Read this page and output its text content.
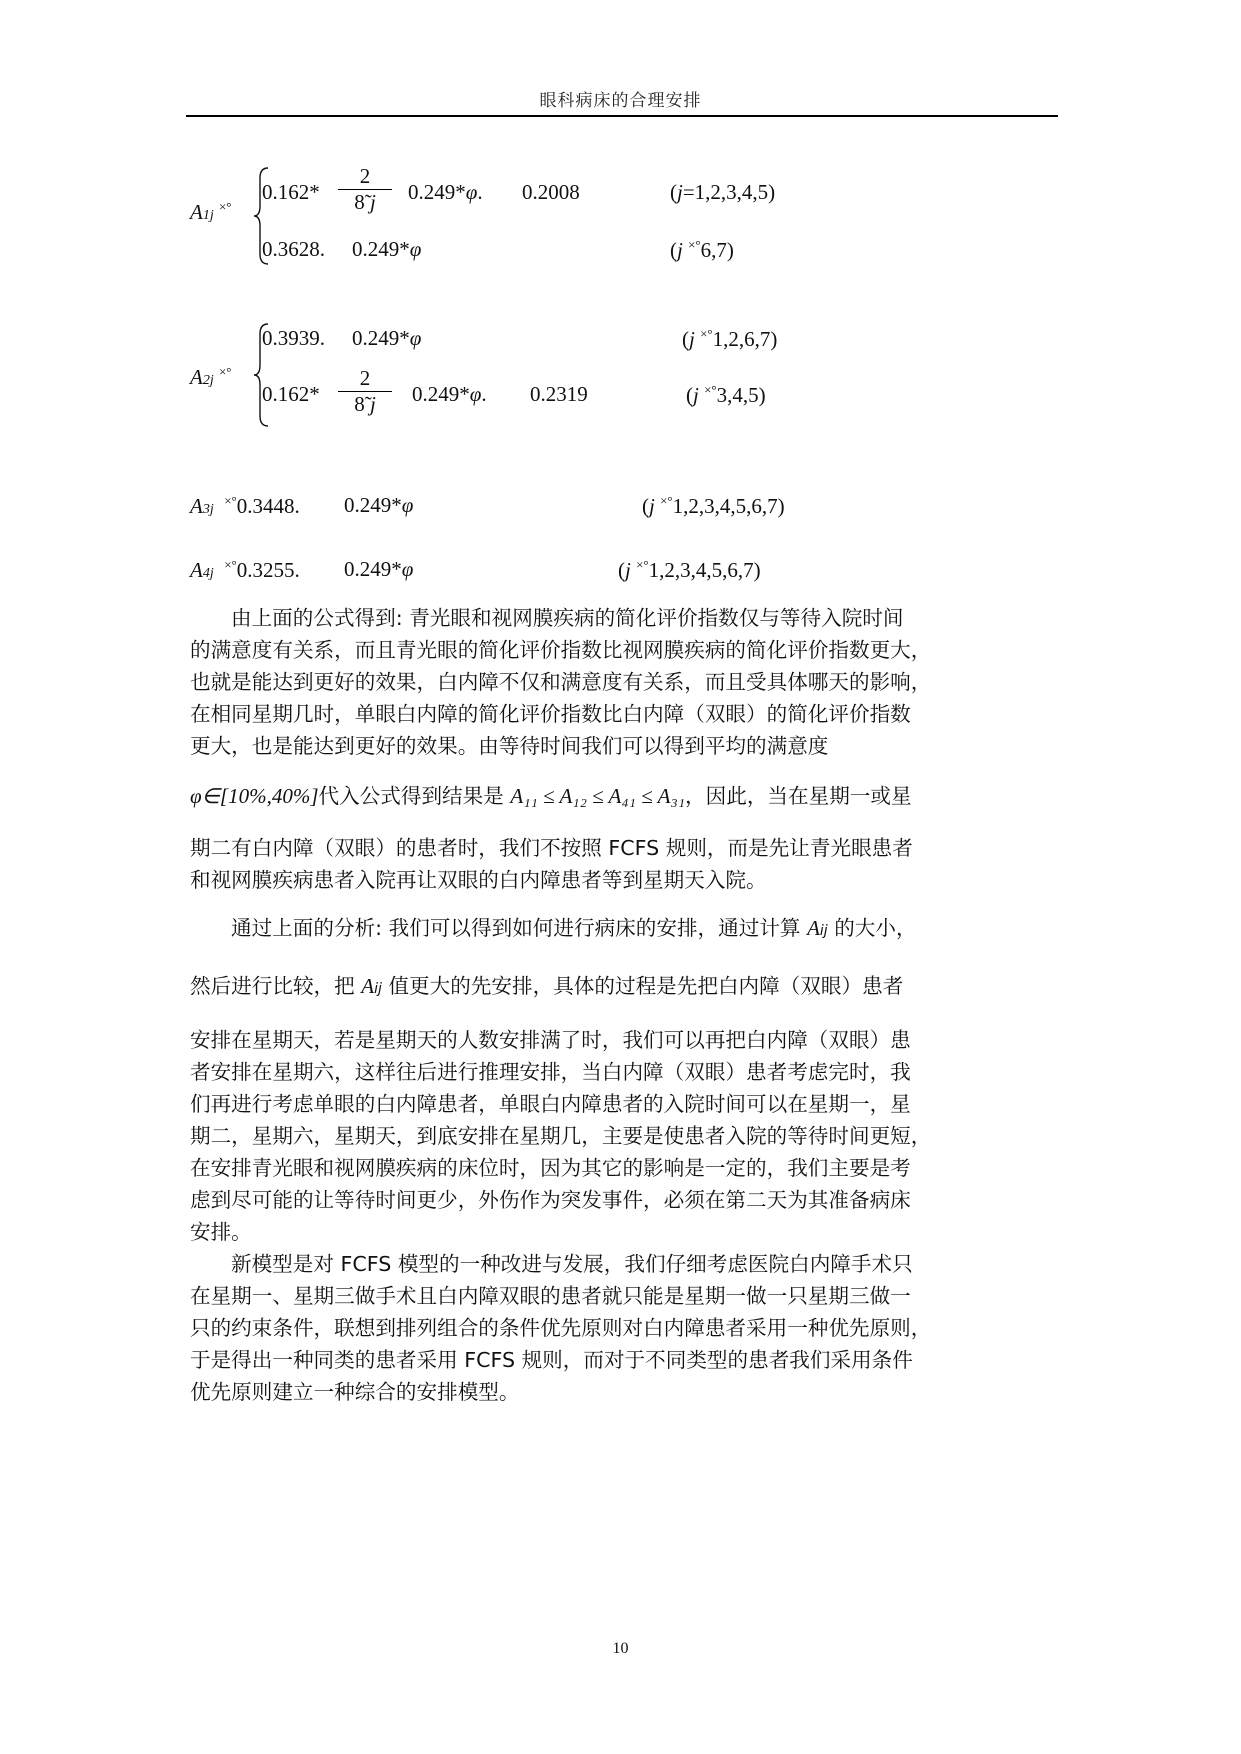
眼科病床的合理安排
A1j ×°
$0.162* \frac{2}{8̃ j} 0.249*\varphi$. 0.2008	(j=1,2,3,4,5)
0.3628. 0.249*φ	(j ×°6,7)
A2j ×°
0.3939. 0.249*φ	(j ×°1,2,6,7)
$0.162* \frac{2}{8̃ j} 0.249*\varphi$. 0.2319	(j ×°3,4,5)
A3j  ×°0.3448. 0.249*φ	(j ×°1,2,3,4,5,6,7)
A4j  ×°0.3255. 0.249*φ	(j ×°1,2,3,4,5,6,7)
由上面的公式得到: 青光眼和视网膜疾病的简化评价指数仅与等待入院时间
的满意度有关系，而且青光眼的简化评价指数比视网膜疾病的简化评价指数更大，
也就是能达到更好的效果，白内障不仅和满意度有关系，而且受具体哪天的影响，
在相同星期几时，单眼白内障的简化评价指数比白内障（双眼）的简化评价指数
更大，也是能达到更好的效果。由等待时间我们可以得到平均的满意度
φ∈[10%,40%]代入公式得到结果是 A₁₁ ≤ A₁₂ ≤ A₄₁ ≤ A₃₁，因此，当在星期一或星
期二有白内障（双眼）的患者时，我们不按照 FCFS 规则，而是先让青光眼患者
和视网膜疾病患者入院再让双眼的白内障患者等到星期天入院。
通过上面的分析: 我们可以得到如何进行病床的安排，通过计算 Aij 的大小，
然后进行比较，把 Aij 值更大的先安排，具体的过程是先把白内障（双眼）患者
安排在星期天，若是星期天的人数安排满了时，我们可以再把白内障（双眼）患
者安排在星期六，这样往后进行推理安排，当白内障（双眼）患者考虑完时，我
们再进行考虑单眼的白内障患者，单眼白内障患者的入院时间可以在星期一，星
期二，星期六，星期天，到底安排在星期几，主要是使患者入院的等待时间更短，
在安排青光眼和视网膜疾病的床位时，因为其它的影响是一定的，我们主要是考
虑到尽可能的让等待时间更少，外伤作为突发事件，必须在第二天为其准备病床
安排。
新模型是对 FCFS 模型的一种改进与发展，我们仔细考虑医院白内障手术只
在星期一、星期三做手术且白内障双眼的患者就只能是星期一做一只星期三做一
只的约束条件，联想到排列组合的条件优先原则对白内障患者采用一种优先原则，
于是得出一种同类的患者采用 FCFS 规则，而对于不同类型的患者我们采用条件
优先原则建立一种综合的安排模型。
10
